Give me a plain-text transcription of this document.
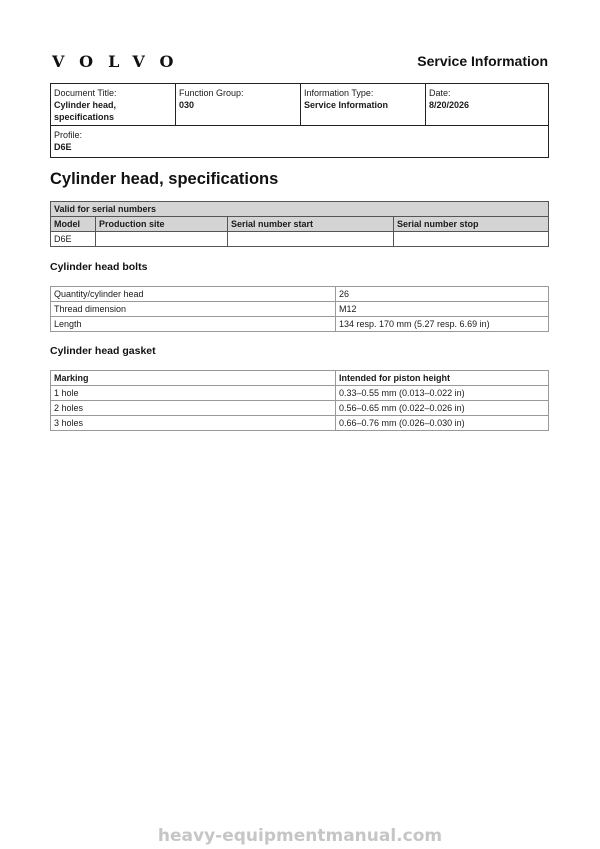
VOLVO	Service Information
Document Title:
Cylinder head, specifications

Function Group:
030

Information Type:
Service Information

Date:
8/20/2026

Profile:
D6E
Cylinder head, specifications
Valid for serial numbers			
Model	Production site	Serial number start	Serial number stop
D6E			
Cylinder head bolts
Quantity/cylinder head	26
Thread dimension	M12
Length	134 resp. 170 mm (5.27 resp. 6.69 in)
Cylinder head gasket
Marking	Intended for piston height
1 hole	0.33–0.55 mm (0.013–0.022 in)
2 holes	0.56–0.65 mm (0.022–0.026 in)
3 holes	0.66–0.76 mm (0.026–0.030 in)
heavy-equipmentmanual.com
